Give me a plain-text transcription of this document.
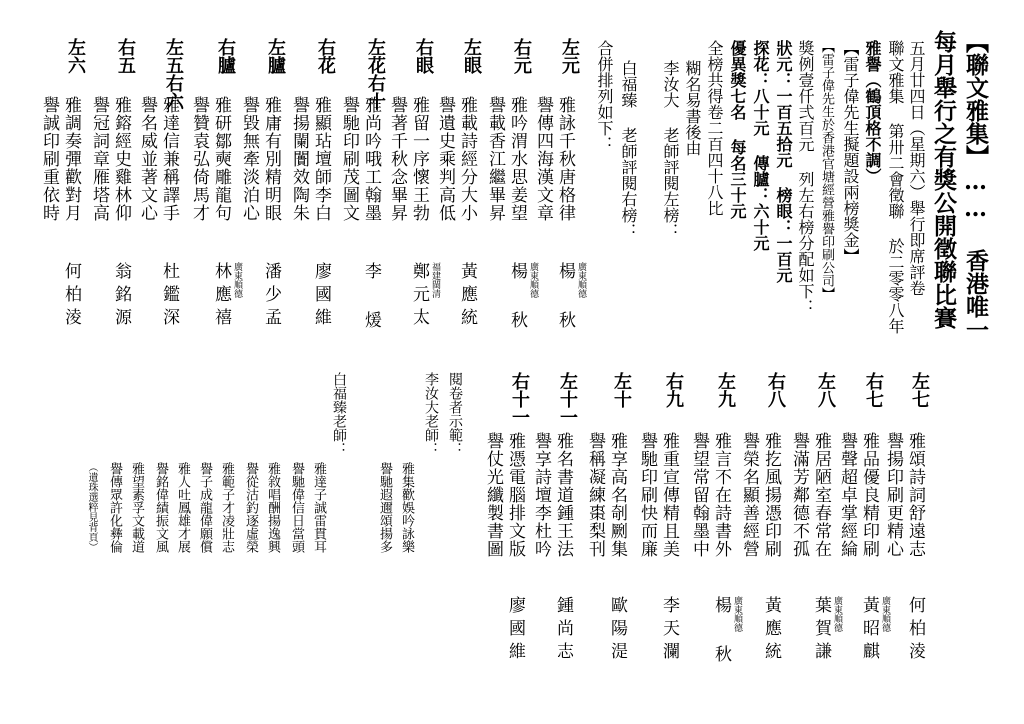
【聯文雅集】…… 香港唯一
每月舉行之有獎公開徵聯比賽
五月廿四日（星期六）舉行即席評卷
聯文雅集 第卅二會徵聯 於二零零八年
雅譽（鶴頂格不調）
【雷子偉先生擬題設兩榜獎金】
【雷子偉先生於香港官塘經營雅譽印刷公司】
獎例壹仟弍百元 列左右榜分配如下：
狀元：一百五拾元 榜眼：一百元
探花：八十元 傳臚：六十元
優異獎七名 每名三十元
全榜共得卷二百四十八比
糊名易書後由
李汝大 老師評閱左榜：
白福臻 老師評閱右榜：
合併排列如下：
左元
雅詠千秋唐格律
譽傳四海漢文章
楊 秋 廣東順德
右元
雅吟渭水思姜望
譽載香江繼畢昇
楊 秋 廣東順德
左眼
雅載詩經分大小
譽遺史乘判高低
黃應統
右眼
雅留一序懷王勃
譽著千秋念畢昇
鄭元太 福建閩清
左花右十
雅尚吟哦工翰墨
譽馳印刷茂圖文
李 煖
右花
雅顯玷壇師李白
譽揚闌闠效陶朱
廖國維
左臚
雅庸有別精明眼
譽毀無牽淡泊心
潘少孟
右臚
雅研鄒奭雕龍句
譽贊袁弘倚馬才
林應禧 廣東順德
左五右六
雅達信兼稱譯手
譽名威並著文心
杜鑑深
右五
雅鎔經史雞林仰
譽冠詞章雁塔高
翁銘源
左六
雅調奏彈歡對月
譽誠印刷重依時
何柏淩
左七
雅頌詩詞舒遠志
譽揚印刷更精心
何柏淩
右七
雅品優良精印刷
譽聲超卓掌經綸
黃昭麒 廣東順德
左八
雅居陋室春常在
譽滿芳鄰德不孤
葉賀謙 廣東順德
右八
雅扢風揚憑印刷
譽榮名顯善經營
黃應統
左九
雅言不在詩書外
譽望常留翰墨中
楊 秋 廣東順德
右九
雅重宣傳精且美
譽馳印刷快而廉
李天瀾
左十
雅享高名剞劂集
譽稱凝練棗梨刊
歐陽湜
左十一
雅名書道鍾王法
譽享詩壇李杜吟
鍾尚志
右十一
雅憑電腦排文版
譽仗光纖製書圖
廖國維
閱卷者示範：
李汝大老師：
雅集歡娛吟詠樂
譽馳遐邇頌揚多
白福臻老師：
雅達子誠雷貫耳
譽馳偉信日當頭
雅敘唱酬揚逸興
譽從沽釣逐虛榮
雅範子才凌壯志
譽子成龍偉願償
雅人吐鳳雄才展
譽銘偉績振文風
雅望素孚文載道
譽傳眾許化彝倫
（遺珠選粹見背頁）
